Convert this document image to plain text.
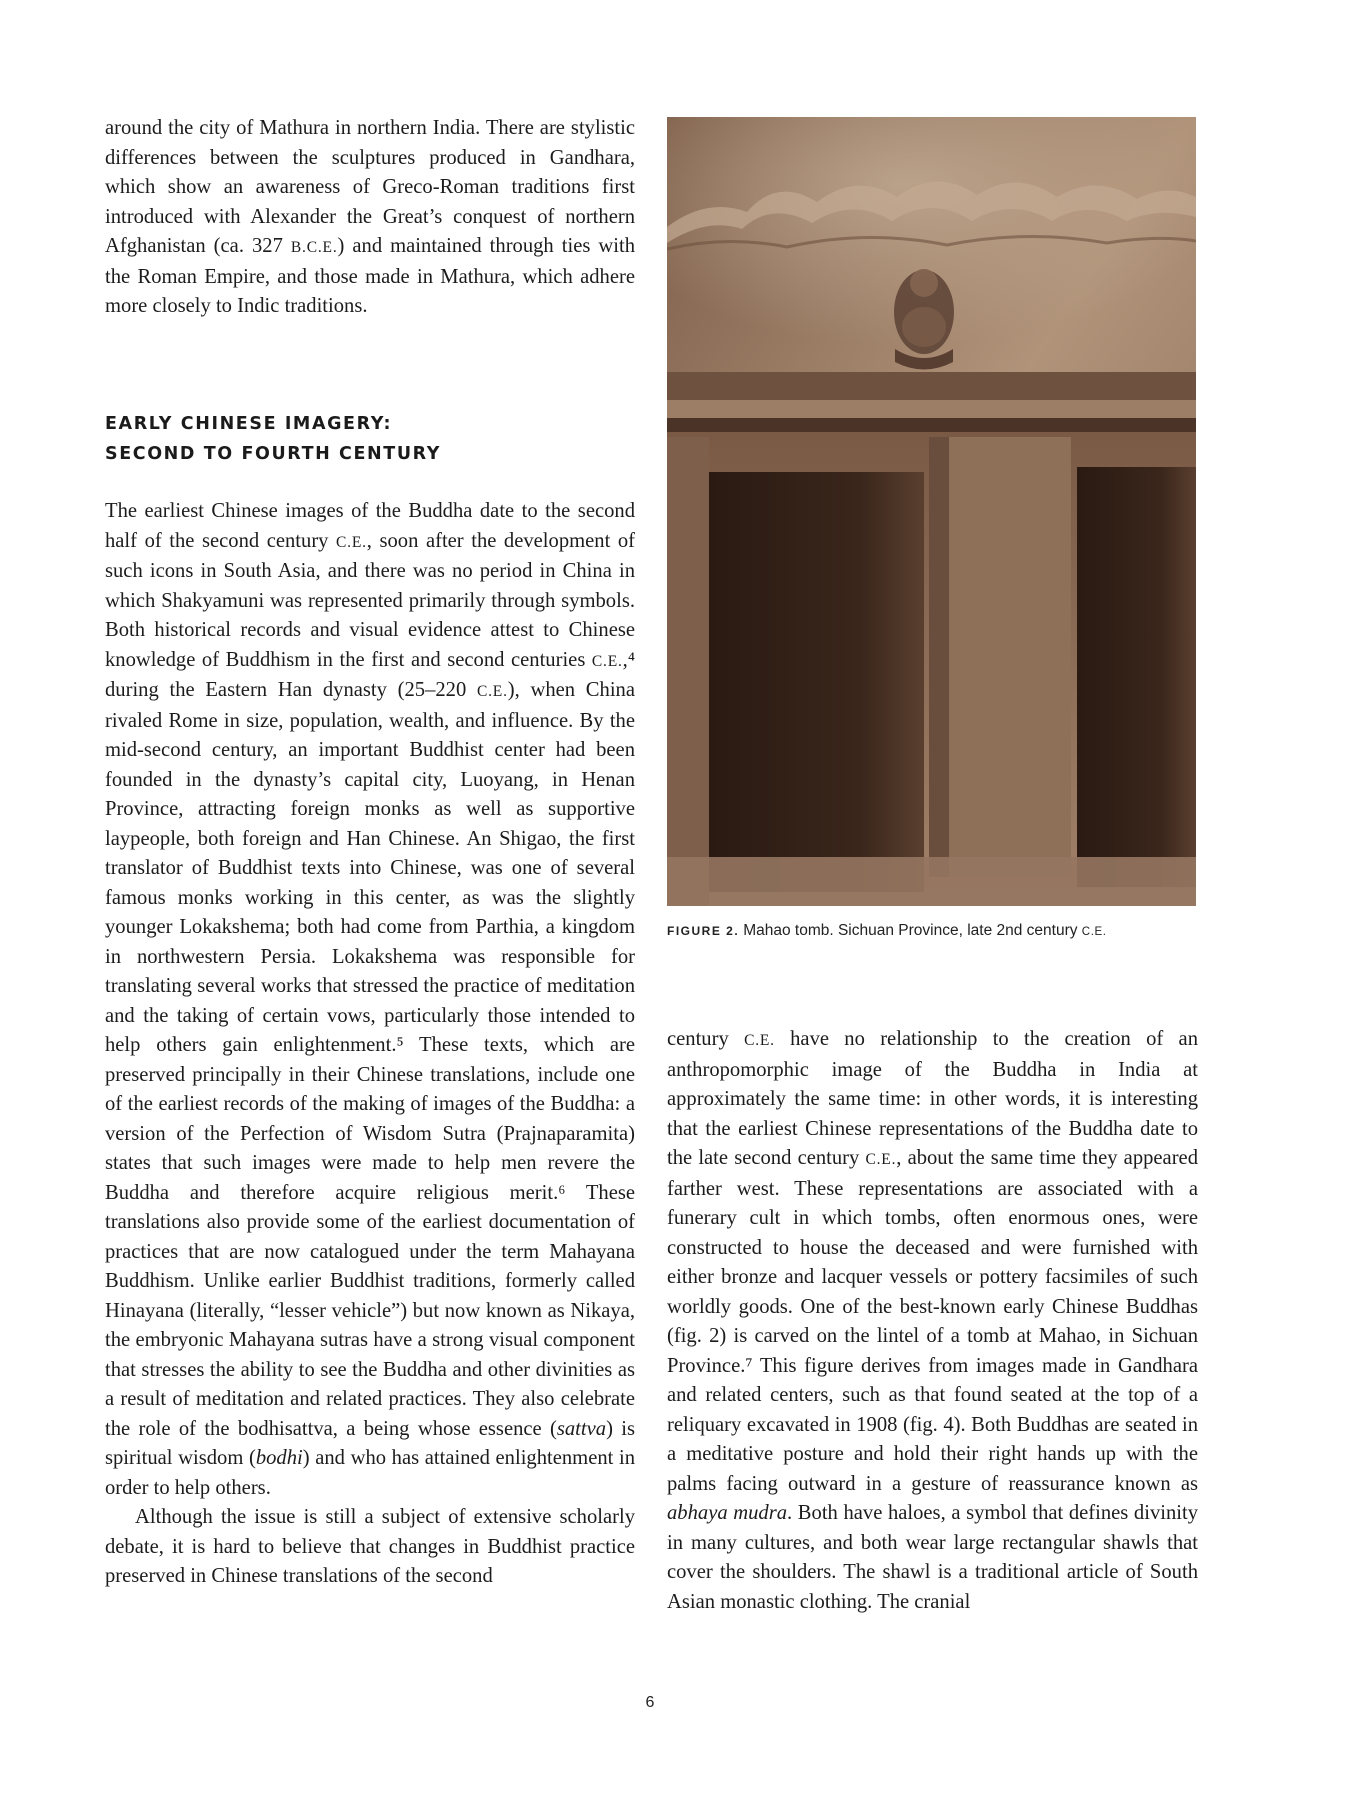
around the city of Mathura in northern India. There are stylistic differences between the sculptures produced in Gandhara, which show an awareness of Greco-Roman traditions first introduced with Alexander the Great’s conquest of northern Afghanistan (ca. 327 B.C.E.) and maintained through ties with the Roman Empire, and those made in Mathura, which adhere more closely to Indic traditions.

EARLY CHINESE IMAGERY:
SECOND TO FOURTH CENTURY

The earliest Chinese images of the Buddha date to the second half of the second century C.E., soon after the development of such icons in South Asia, and there was no period in China in which Shakyamuni was represented primarily through symbols. Both historical records and visual evidence attest to Chinese knowledge of Buddhism in the first and second centuries C.E.,⁴ during the Eastern Han dynasty (25–220 C.E.), when China rivaled Rome in size, population, wealth, and influence. By the mid-second century, an important Buddhist center had been founded in the dynasty’s capital city, Luoyang, in Henan Province, attracting foreign monks as well as supportive laypeople, both foreign and Han Chinese. An Shigao, the first translator of Buddhist texts into Chinese, was one of several famous monks working in this center, as was the slightly younger Lokakshema; both had come from Parthia, a kingdom in northwestern Persia. Lokakshema was responsible for translating several works that stressed the practice of meditation and the taking of certain vows, particularly those intended to help others gain enlightenment.⁵ These texts, which are preserved principally in their Chinese translations, include one of the earliest records of the making of images of the Buddha: a version of the Perfection of Wisdom Sutra (Prajnaparamita) states that such images were made to help men revere the Buddha and therefore acquire religious merit.⁶ These translations also provide some of the earliest documentation of practices that are now catalogued under the term Mahayana Buddhism. Unlike earlier Buddhist traditions, formerly called Hinayana (literally, “lesser vehicle”) but now known as Nikaya, the embryonic Mahayana sutras have a strong visual component that stresses the ability to see the Buddha and other divinities as a result of meditation and related practices. They also celebrate the role of the bodhisattva, a being whose essence (sattva) is spiritual wisdom (bodhi) and who has attained enlightenment in order to help others.

Although the issue is still a subject of extensive scholarly debate, it is hard to believe that changes in Buddhist practice preserved in Chinese translations of the second

FIGURE 2. Mahao tomb. Sichuan Province, late 2nd century C.E.

century C.E. have no relationship to the creation of an anthropomorphic image of the Buddha in India at approximately the same time: in other words, it is interesting that the earliest Chinese representations of the Buddha date to the late second century C.E., about the same time they appeared farther west. These representations are associated with a funerary cult in which tombs, often enormous ones, were constructed to house the deceased and were furnished with either bronze and lacquer vessels or pottery facsimiles of such worldly goods. One of the best-known early Chinese Buddhas (fig. 2) is carved on the lintel of a tomb at Mahao, in Sichuan Province.⁷ This figure derives from images made in Gandhara and related centers, such as that found seated at the top of a reliquary excavated in 1908 (fig. 4). Both Buddhas are seated in a meditative posture and hold their right hands up with the palms facing outward in a gesture of reassurance known as abhaya mudra. Both have haloes, a symbol that defines divinity in many cultures, and both wear large rectangular shawls that cover the shoulders. The shawl is a traditional article of South Asian monastic clothing. The cranial

6
